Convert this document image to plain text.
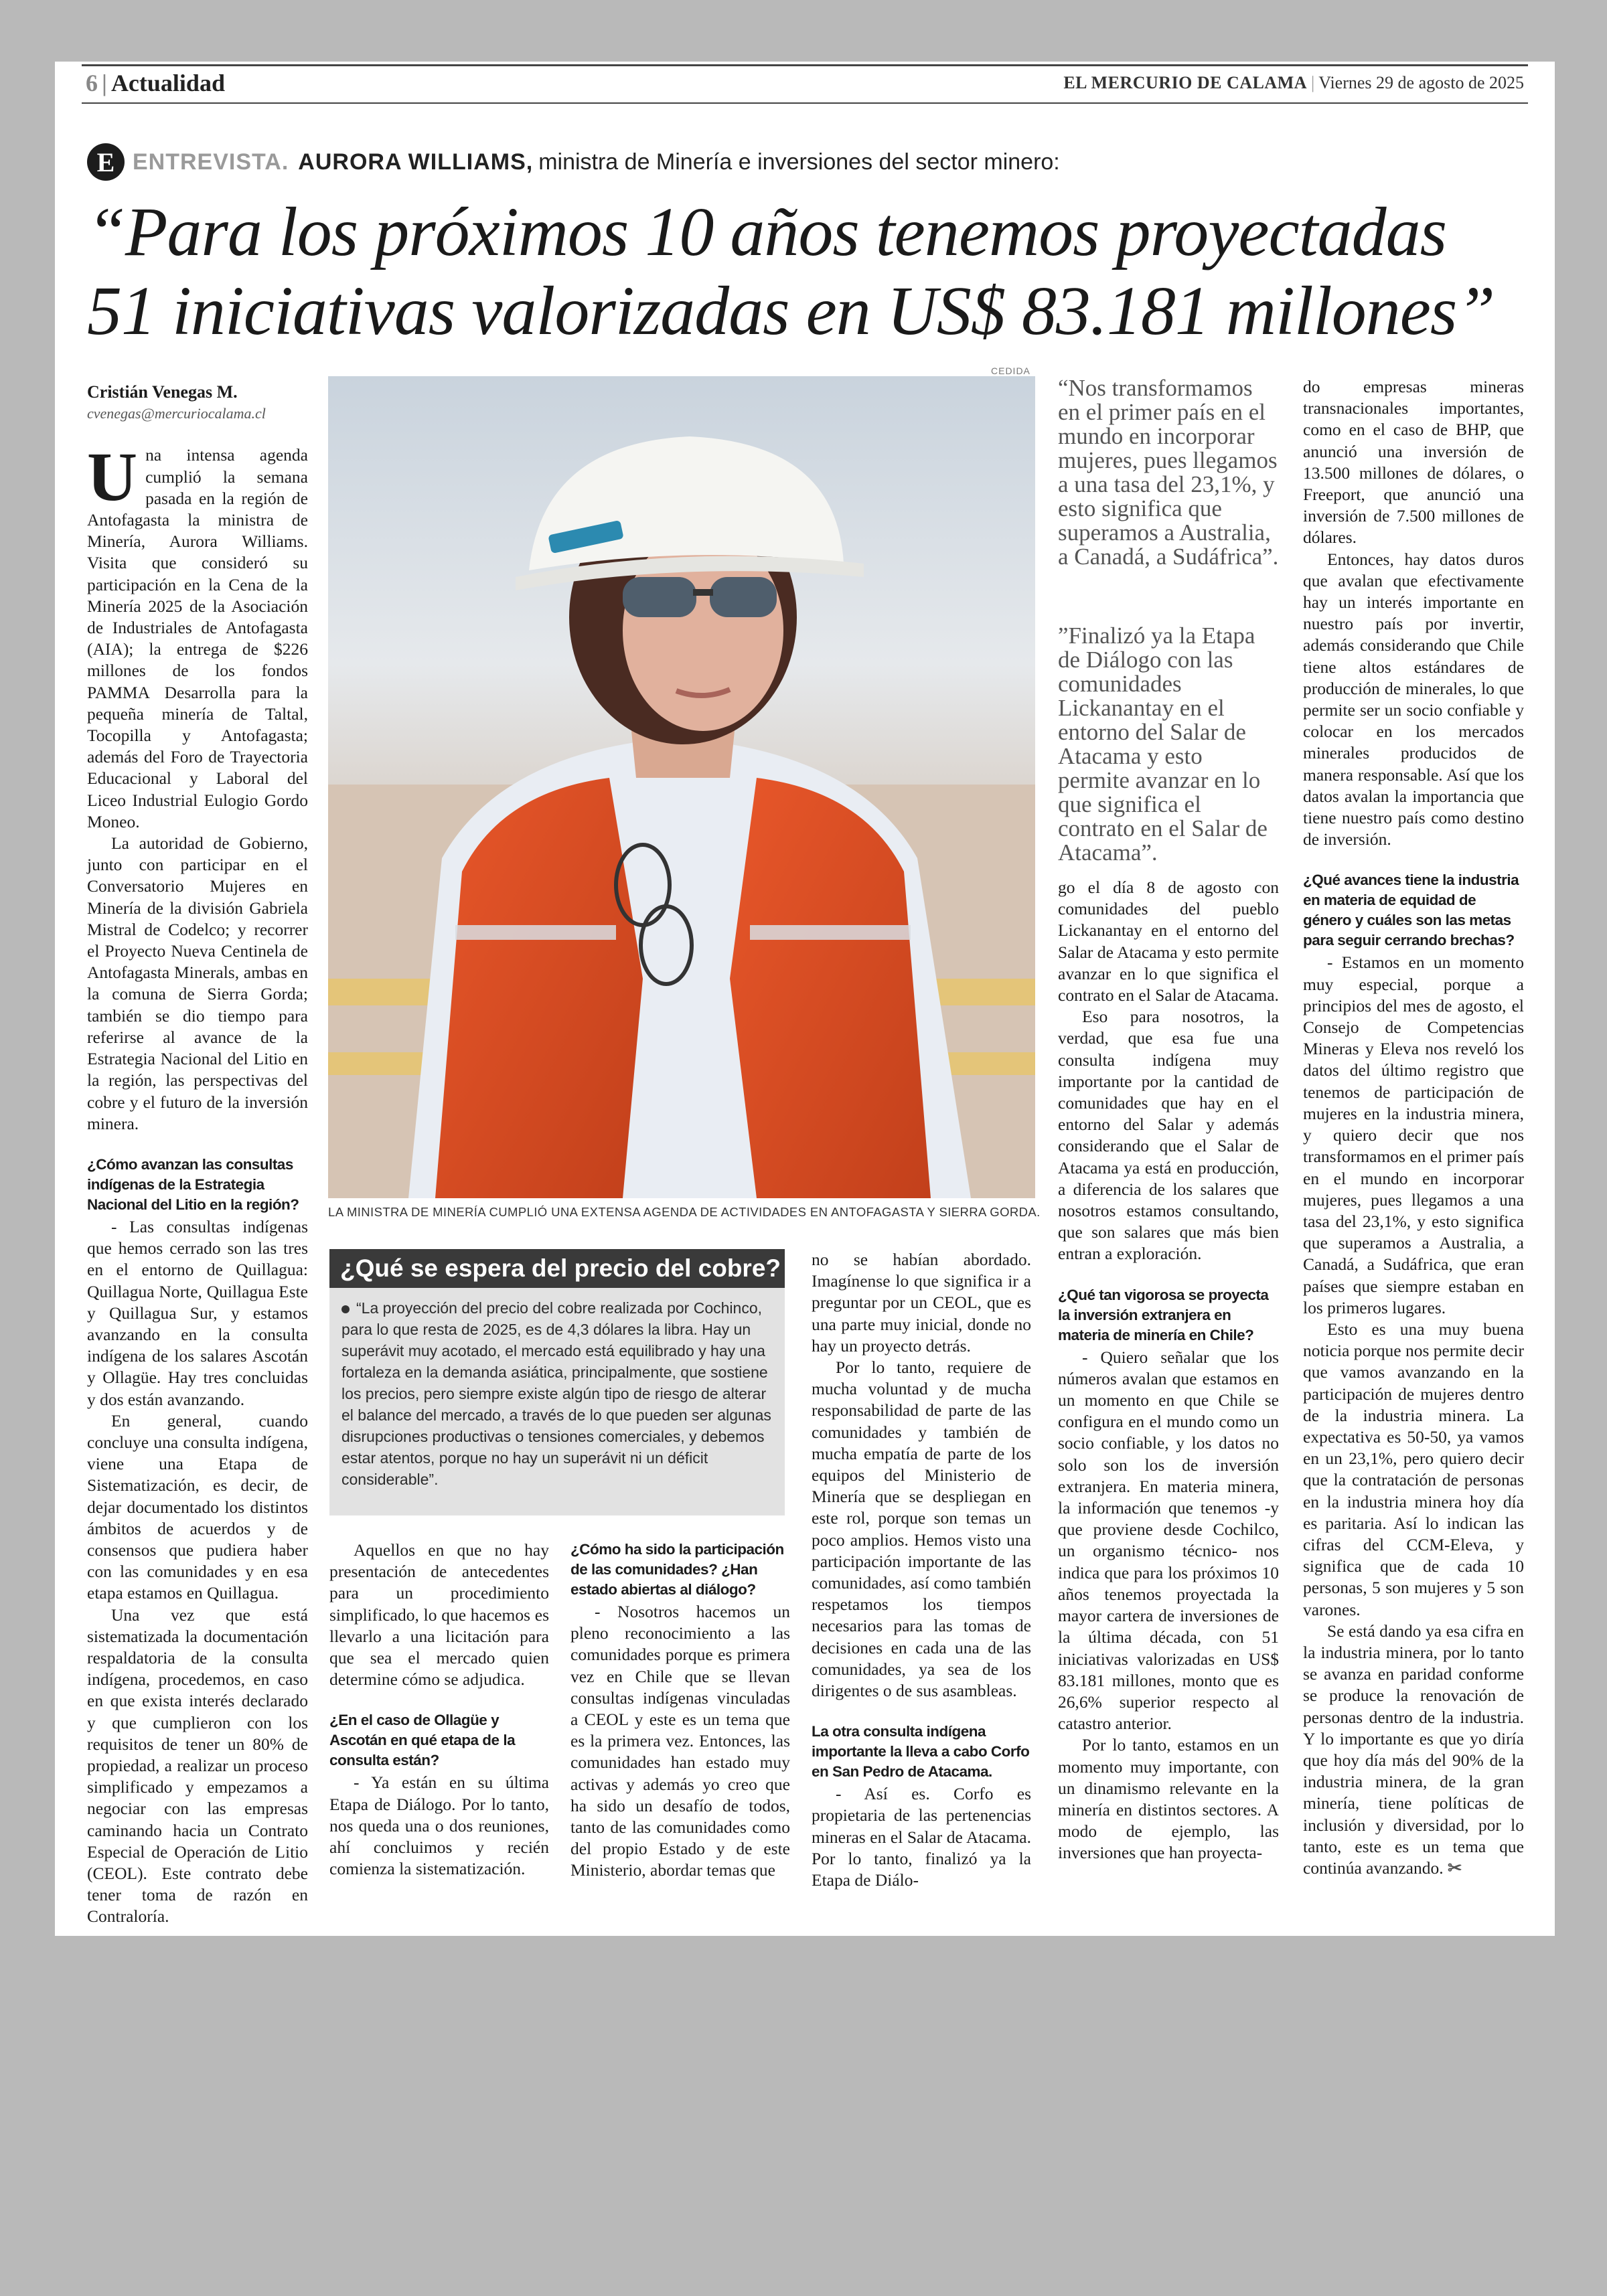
6 | Actualidad	EL MERCURIO DE CALAMA | Viernes 29 de agosto de 2025
E ENTREVISTA. AURORA WILLIAMS, ministra de Minería e inversiones del sector minero:
“Para los próximos 10 años tenemos proyectadas
51 iniciativas valorizadas en US$ 83.181 millones”
Cristián Venegas M.
cvenegas@mercuriocalama.cl

Una intensa agenda cumplió la semana pasada en la región de Antofagasta la ministra de Minería, Aurora Williams. Visita que consideró su participación en la Cena de la Minería 2025 de la Asociación de Industriales de Antofagasta (AIA); la entrega de $226 millones de los fondos PAMMA Desarrolla para la pequeña minería de Taltal, Tocopilla y Antofagasta; además del Foro de Trayectoria Educacional y Laboral del Liceo Industrial Eulogio Gordo Moneo.

La autoridad de Gobierno, junto con participar en el Conversatorio Mujeres en Minería de la división Gabriela Mistral de Codelco; y recorrer el Proyecto Nueva Centinela de Antofagasta Minerals, ambas en la comuna de Sierra Gorda; también se dio tiempo para referirse al avance de la Estrategia Nacional del Litio en la región, las perspectivas del cobre y el futuro de la inversión minera.

¿Cómo avanzan las consultas indígenas de la Estrategia Nacional del Litio en la región?

- Las consultas indígenas que hemos cerrado son las tres en el entorno de Quillagua: Quillagua Norte, Quillagua Este y Quillagua Sur, y estamos avanzando en la consulta indígena de los salares Ascotán y Ollagüe. Hay tres concluidas y dos están avanzando.

En general, cuando concluye una consulta indígena, viene una Etapa de Sistematización, es decir, de dejar documentado los distintos ámbitos de acuerdos y de consensos que pudiera haber con las comunidades y en esa etapa estamos en Quillagua.

Una vez que está sistematizada la documentación respaldatoria de la consulta indígena, procedemos, en caso en que exista interés declarado y que cumplieron con los requisitos de tener un 80% de propiedad, a realizar un proceso simplificado y empezamos a negociar con las empresas caminando hacia un Contrato Especial de Operación de Litio (CEOL). Este contrato debe tener toma de razón en Contraloría.

CEDIDA
LA MINISTRA DE MINERÍA CUMPLIÓ UNA EXTENSA AGENDA DE ACTIVIDADES EN ANTOFAGASTA Y SIERRA GORDA.

“Nos transformamos en el primer país en el mundo en incorporar mujeres, pues llegamos a una tasa del 23,1%, y esto significa que superamos a Australia, a Canadá, a Sudáfrica”.

”Finalizó ya la Etapa de Diálogo con las comunidades Lickanantay en el entorno del Salar de Atacama y esto permite avanzar en lo que significa el contrato en el Salar de Atacama”.

¿Qué se espera del precio del cobre?
“La proyección del precio del cobre realizada por Cochinco, para lo que resta de 2025, es de 4,3 dólares la libra. Hay un superávit muy acotado, el mercado está equilibrado y hay una fortaleza en la demanda asiática, principalmente, que sostiene los precios, pero siempre existe algún tipo de riesgo de alterar el balance del mercado, a través de lo que pueden ser algunas disrupciones productivas o tensiones comerciales, y debemos estar atentos, porque no hay un superávit ni un déficit considerable”.

Aquellos en que no hay presentación de antecedentes para un procedimiento simplificado, lo que hacemos es llevarlo a una licitación para que sea el mercado quien determine cómo se adjudica.

¿En el caso de Ollagüe y Ascotán en qué etapa de la consulta están?

- Ya están en su última Etapa de Diálogo. Por lo tanto, nos queda una o dos reuniones, ahí concluimos y recién comienza la sistematización.

¿Cómo ha sido la participación de las comunidades? ¿Han estado abiertas al diálogo?

- Nosotros hacemos un pleno reconocimiento a las comunidades porque es primera vez en Chile que se llevan consultas indígenas vinculadas a CEOL y este es un tema que es la primera vez. Entonces, las comunidades han estado muy activas y además yo creo que ha sido un desafío de todos, tanto de las comunidades como del propio Estado y de este Ministerio, abordar temas que

no se habían abordado. Imagínense lo que significa ir a preguntar por un CEOL, que es una parte muy inicial, donde no hay un proyecto detrás.

Por lo tanto, requiere de mucha voluntad y de mucha responsabilidad de parte de las comunidades y también de mucha empatía de parte de los equipos del Ministerio de Minería que se despliegan en este rol, porque son temas un poco amplios. Hemos visto una participación importante de las comunidades, así como también respetamos los tiempos necesarios para las tomas de decisiones en cada una de las comunidades, ya sea de los dirigentes o de sus asambleas.

La otra consulta indígena importante la lleva a cabo Corfo en San Pedro de Atacama.

- Así es. Corfo es propietaria de las pertenencias mineras en el Salar de Atacama. Por lo tanto, finalizó ya la Etapa de Diálo-

go el día 8 de agosto con comunidades del pueblo Lickanantay en el entorno del Salar de Atacama y esto permite avanzar en lo que significa el contrato en el Salar de Atacama.

Eso para nosotros, la verdad, que esa fue una consulta indígena muy importante por la cantidad de comunidades que hay en el entorno del Salar y además considerando que el Salar de Atacama ya está en producción, a diferencia de los salares que nosotros estamos consultando, que son salares que más bien entran a exploración.

¿Qué tan vigorosa se proyecta la inversión extranjera en materia de minería en Chile?

- Quiero señalar que los números avalan que estamos en un momento en que Chile se configura en el mundo como un socio confiable, y los datos no solo son los de inversión extranjera. En materia minera, la información que tenemos -y que proviene desde Cochilco, un organismo técnico- nos indica que para los próximos 10 años tenemos proyectada la mayor cartera de inversiones de la última década, con 51 iniciativas valorizadas en US$ 83.181 millones, monto que es 26,6% superior respecto al catastro anterior.

Por lo tanto, estamos en un momento muy importante, con un dinamismo relevante en la minería en distintos sectores. A modo de ejemplo, las inversiones que han proyecta-

do empresas mineras transnacionales importantes, como en el caso de BHP, que anunció una inversión de 13.500 millones de dólares, o Freeport, que anunció una inversión de 7.500 millones de dólares.

Entonces, hay datos duros que avalan que efectivamente hay un interés importante en nuestro país por invertir, además considerando que Chile tiene altos estándares de producción de minerales, lo que permite ser un socio confiable y colocar en los mercados minerales producidos de manera responsable. Así que los datos avalan la importancia que tiene nuestro país como destino de inversión.

¿Qué avances tiene la industria en materia de equidad de género y cuáles son las metas para seguir cerrando brechas?

- Estamos en un momento muy especial, porque a principios del mes de agosto, el Consejo de Competencias Mineras y Eleva nos reveló los datos del último registro que tenemos de participación de mujeres en la industria minera, y quiero decir que nos transformamos en el primer país en el mundo en incorporar mujeres, pues llegamos a una tasa del 23,1%, y esto significa que superamos a Australia, a Canadá, a Sudáfrica, que eran países que siempre estaban en los primeros lugares.

Esto es una muy buena noticia porque nos permite decir que vamos avanzando en la participación de mujeres dentro de la industria minera. La expectativa es 50-50, ya vamos en un 23,1%, pero quiero decir que la contratación de personas en la industria minera hoy día es paritaria. Así lo indican las cifras del CCM-Eleva, y significa que de cada 10 personas, 5 son mujeres y 5 son varones.

Se está dando ya esa cifra en la industria minera, por lo tanto se avanza en paridad conforme se produce la renovación de personas dentro de la industria. Y lo importante es que yo diría que hoy día más del 90% de la industria minera, de la gran minería, tiene políticas de inclusión y diversidad, por lo tanto, este es un tema que continúa avanzando. ✂
